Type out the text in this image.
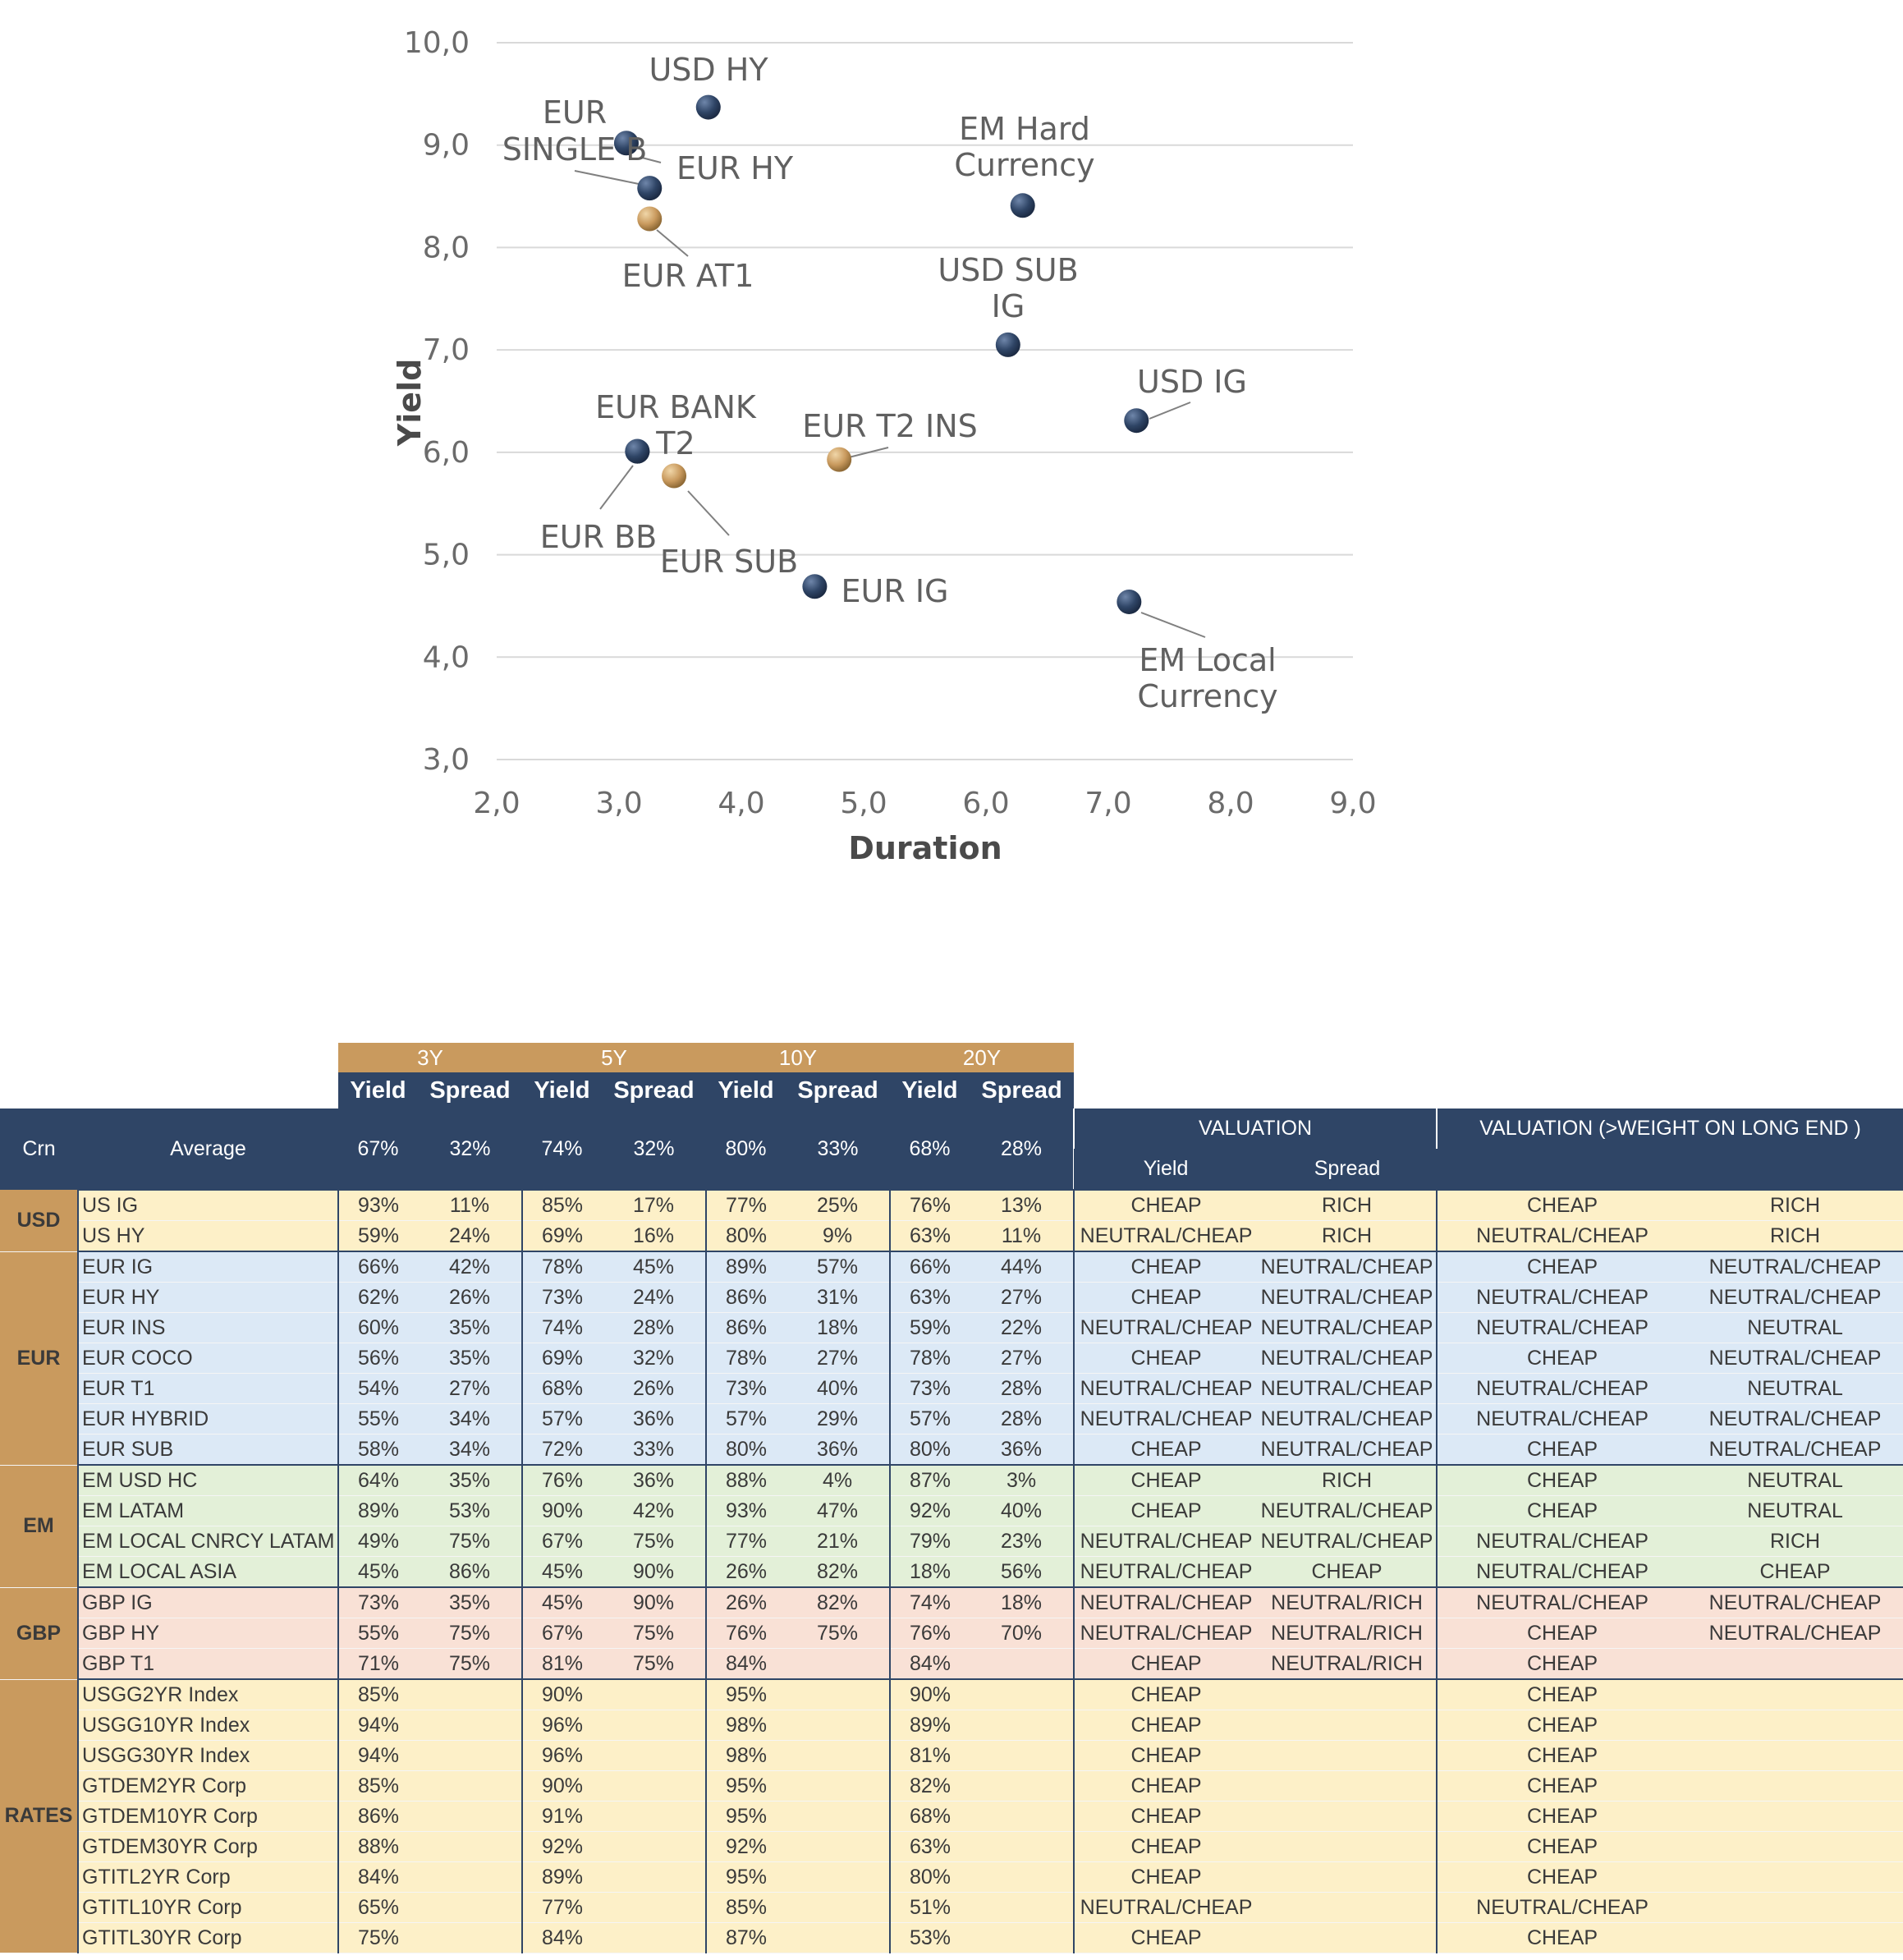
3,0
4,0
5,0
6,0
7,0
8,0
9,0
10,0
2,0	3,0	4,0	5,0	6,0	7,0	8,0	9,0
Duration
Yield
USD HY
EUR
SINGLE B
EUR HY
EUR AT1
EM Hard
Currency
USD SUB
IG
USD IG
EUR T2 INS
EUR BANK
T2
EUR SUB
EUR BB
EUR IG
EM Local
Currency
		3Y		5Y		10Y		20Y					
		Yield	Spread	Yield	Spread	Yield	Spread	Yield	Spread				
Crn	Average	67%	32%	74%	32%	80%	33%	68%	28%	VALUATION		VALUATION (>WEIGHT ON LONG END )	
										Yield	Spread		
USD	US IG	93%	11%	85%	17%	77%	25%	76%	13%	CHEAP	RICH	CHEAP	RICH
	US HY	59%	24%	69%	16%	80%	9%	63%	11%	NEUTRAL/CHEAP	RICH	NEUTRAL/CHEAP	RICH
EUR	EUR IG	66%	42%	78%	45%	89%	57%	66%	44%	CHEAP	NEUTRAL/CHEAP	CHEAP	NEUTRAL/CHEAP
	EUR HY	62%	26%	73%	24%	86%	31%	63%	27%	CHEAP	NEUTRAL/CHEAP	NEUTRAL/CHEAP	NEUTRAL/CHEAP
	EUR INS	60%	35%	74%	28%	86%	18%	59%	22%	NEUTRAL/CHEAP	NEUTRAL/CHEAP	NEUTRAL/CHEAP	NEUTRAL
	EUR COCO	56%	35%	69%	32%	78%	27%	78%	27%	CHEAP	NEUTRAL/CHEAP	CHEAP	NEUTRAL/CHEAP
	EUR T1	54%	27%	68%	26%	73%	40%	73%	28%	NEUTRAL/CHEAP	NEUTRAL/CHEAP	NEUTRAL/CHEAP	NEUTRAL
	EUR HYBRID	55%	34%	57%	36%	57%	29%	57%	28%	NEUTRAL/CHEAP	NEUTRAL/CHEAP	NEUTRAL/CHEAP	NEUTRAL/CHEAP
	EUR SUB	58%	34%	72%	33%	80%	36%	80%	36%	CHEAP	NEUTRAL/CHEAP	CHEAP	NEUTRAL/CHEAP
EM	EM USD HC	64%	35%	76%	36%	88%	4%	87%	3%	CHEAP	RICH	CHEAP	NEUTRAL
	EM LATAM	89%	53%	90%	42%	93%	47%	92%	40%	CHEAP	NEUTRAL/CHEAP	CHEAP	NEUTRAL
	EM LOCAL CNRCY LATAM	49%	75%	67%	75%	77%	21%	79%	23%	NEUTRAL/CHEAP	NEUTRAL/CHEAP	NEUTRAL/CHEAP	RICH
	EM LOCAL ASIA	45%	86%	45%	90%	26%	82%	18%	56%	NEUTRAL/CHEAP	CHEAP	NEUTRAL/CHEAP	CHEAP
GBP	GBP IG	73%	35%	45%	90%	26%	82%	74%	18%	NEUTRAL/CHEAP	NEUTRAL/RICH	NEUTRAL/CHEAP	NEUTRAL/CHEAP
	GBP HY	55%	75%	67%	75%	76%	75%	76%	70%	NEUTRAL/CHEAP	NEUTRAL/RICH	CHEAP	NEUTRAL/CHEAP
	GBP T1	71%	75%	81%	75%	84%		84%		CHEAP	NEUTRAL/RICH	CHEAP	
RATES	USGG2YR Index	85%		90%		95%		90%		CHEAP		CHEAP	
	USGG10YR Index	94%		96%		98%		89%		CHEAP		CHEAP	
	USGG30YR Index	94%		96%		98%		81%		CHEAP		CHEAP	
	GTDEM2YR Corp	85%		90%		95%		82%		CHEAP		CHEAP	
	GTDEM10YR Corp	86%		91%		95%		68%		CHEAP		CHEAP	
	GTDEM30YR Corp	88%		92%		92%		63%		CHEAP		CHEAP	
	GTITL2YR Corp	84%		89%		95%		80%		CHEAP		CHEAP	
	GTITL10YR Corp	65%		77%		85%		51%		NEUTRAL/CHEAP		NEUTRAL/CHEAP	
	GTITL30YR Corp	75%		84%		87%		53%		CHEAP		CHEAP	
